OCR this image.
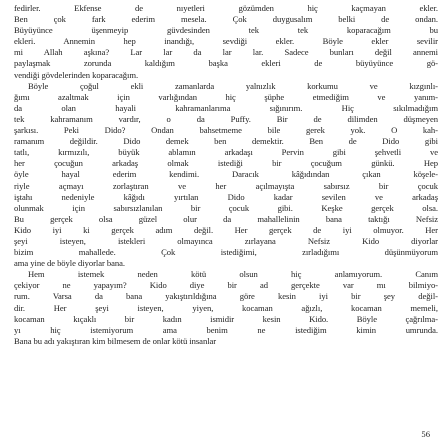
fedirler. Ekfense de nıyetleri gözümden hiç kaçmayan ekler.
Ben çok fark ederim mesela. Çok duygusalım belki de ondan.
Büyüyünce üşenmeyip güvdesinden tek tek koparacağım bu
ekleri. Annemin hep inandığı, sevdiği ekler. Böyle ekler sevilir
mi Allah aşkına? Lar lar da lar lar. Sadece bunları değil annemi
paylaşmak zorunda kaldığım başka ekleri de büyüyünce gö-
vendiği gövdelerinden koparacağım.
Böyle çoğul ekli zamanlarda yalnızlık korkumu ve kızgınlı-
ğımı azaltmak için varlığından hiç şüphe etmediğim ve yanım-
da olan hayali kahramanlarıma sığınırım. Hiç sıkılmadığım
tek kahramanım vardır, o da Puffy. Bir de dilimden düşmeyen
şarkısı. Peki Dido? Ondan bahsetmeme bile gerek yok. O kah-
ramanım değildir. Dido demek ben demektir. Ben de Dido gibi
tatlı, kırmızılı, büyük ablamın arkadaşı Pervin gibi şehvetli ve
her çocuğun arkadaş olmak istediği bir çocuğum günkü. Hep
öyle hayal ederim kendimi. Daracık kâğıdından çıkan köşele-
riyle açmayı zorlaştıran ve her açılmayışta sabırsız bir çocuk
iştahı nedeniyle kâğıdı yırtılan Dido kadar sevilen ve arkadaş
olunmak için sabırsızlanılan bir çocuk gibi. Keşke gerçek olsa.
Bu gerçek olsa güzel olur da mahallelinin bana taktığı Nefsiz
Kido iyi ki gerçek adım değil. Her gerçek de iyi olmuyor. Her
şeyi isteyen, istekleri olmayınca zırlayana Nefsiz Kido diyorlar
bizim mahallede. Çok istediğimi, zırladığımı düşünmüyorum
ama yine de böyle diyorlar bana.
Hem istemek neden kötü olsun hiç anlamıyorum. Canım
çekiyor ne yapayım? Kido diye bir ad gerçekte var mı bilmiyo-
rum. Varsa da bana yakıştırıldığına göre kesin iyi bir şey değil-
dir. Her şeyi isteyen, yiyen, kocaman ağızlı, kocaman memeli,
kocaman kıçaklı bir kadın ismidir kesin Kido. Böyle çağrılma-
yı hiç istemiyorum ama benim ne istediğim kimin umrunda.
Bana bu adı yakıştıran kim bilmesem de onlar kötü insanlar
56
